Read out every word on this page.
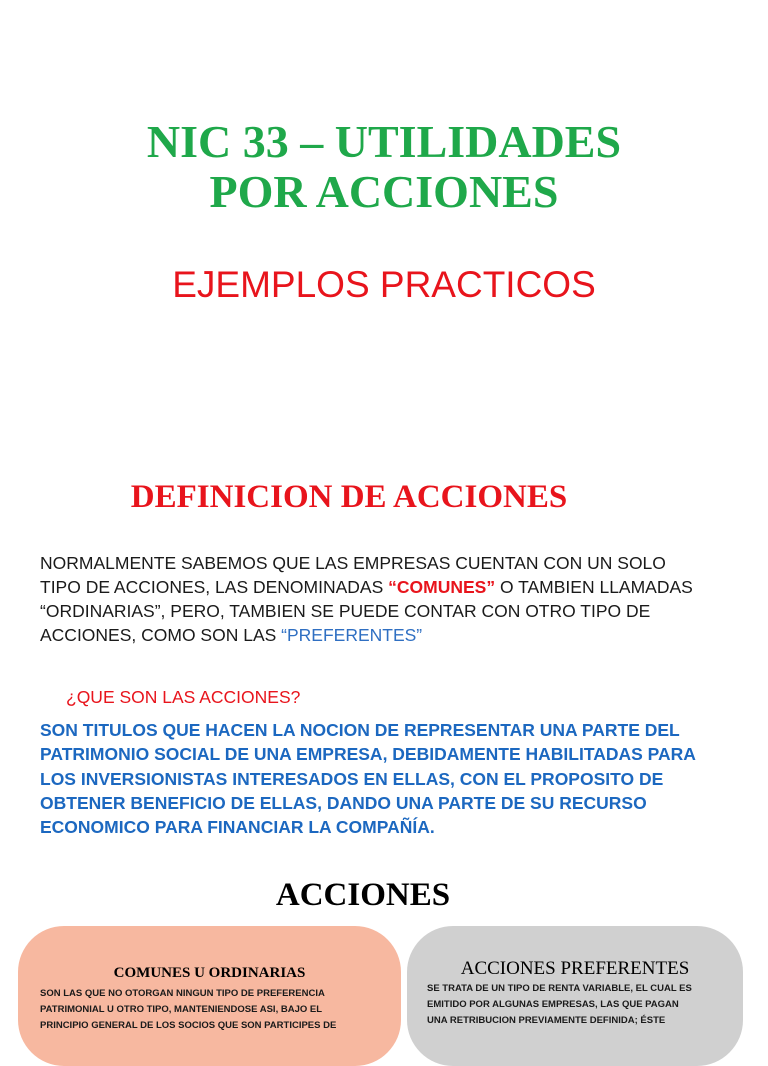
NIC 33 – UTILIDADES
POR ACCIONES
EJEMPLOS PRACTICOS
DEFINICION DE ACCIONES
NORMALMENTE SABEMOS QUE LAS EMPRESAS CUENTAN CON UN SOLO
TIPO DE ACCIONES, LAS DENOMINADAS “COMUNES” O TAMBIEN LLAMADAS
“ORDINARIAS”, PERO, TAMBIEN SE PUEDE CONTAR CON OTRO TIPO DE
ACCIONES, COMO SON LAS “PREFERENTES”
¿QUE SON LAS ACCIONES?
SON TITULOS QUE HACEN LA NOCION DE REPRESENTAR UNA PARTE DEL
PATRIMONIO SOCIAL DE UNA EMPRESA, DEBIDAMENTE HABILITADAS PARA
LOS INVERSIONISTAS INTERESADOS EN ELLAS, CON EL PROPOSITO DE
OBTENER BENEFICIO DE ELLAS, DANDO UNA PARTE DE SU RECURSO
ECONOMICO PARA FINANCIAR LA COMPAÑÍA.
ACCIONES
COMUNES U ORDINARIAS
SON LAS QUE NO OTORGAN NINGUN TIPO DE PREFERENCIA
PATRIMONIAL U OTRO TIPO, MANTENIENDOSE ASI, BAJO EL
PRINCIPIO GENERAL DE LOS SOCIOS QUE SON PARTICIPES DE
ACCIONES PREFERENTES
SE TRATA DE UN TIPO DE RENTA VARIABLE, EL CUAL ES
EMITIDO POR ALGUNAS EMPRESAS, LAS QUE PAGAN
UNA RETRIBUCION PREVIAMENTE DEFINIDA; ÉSTE
